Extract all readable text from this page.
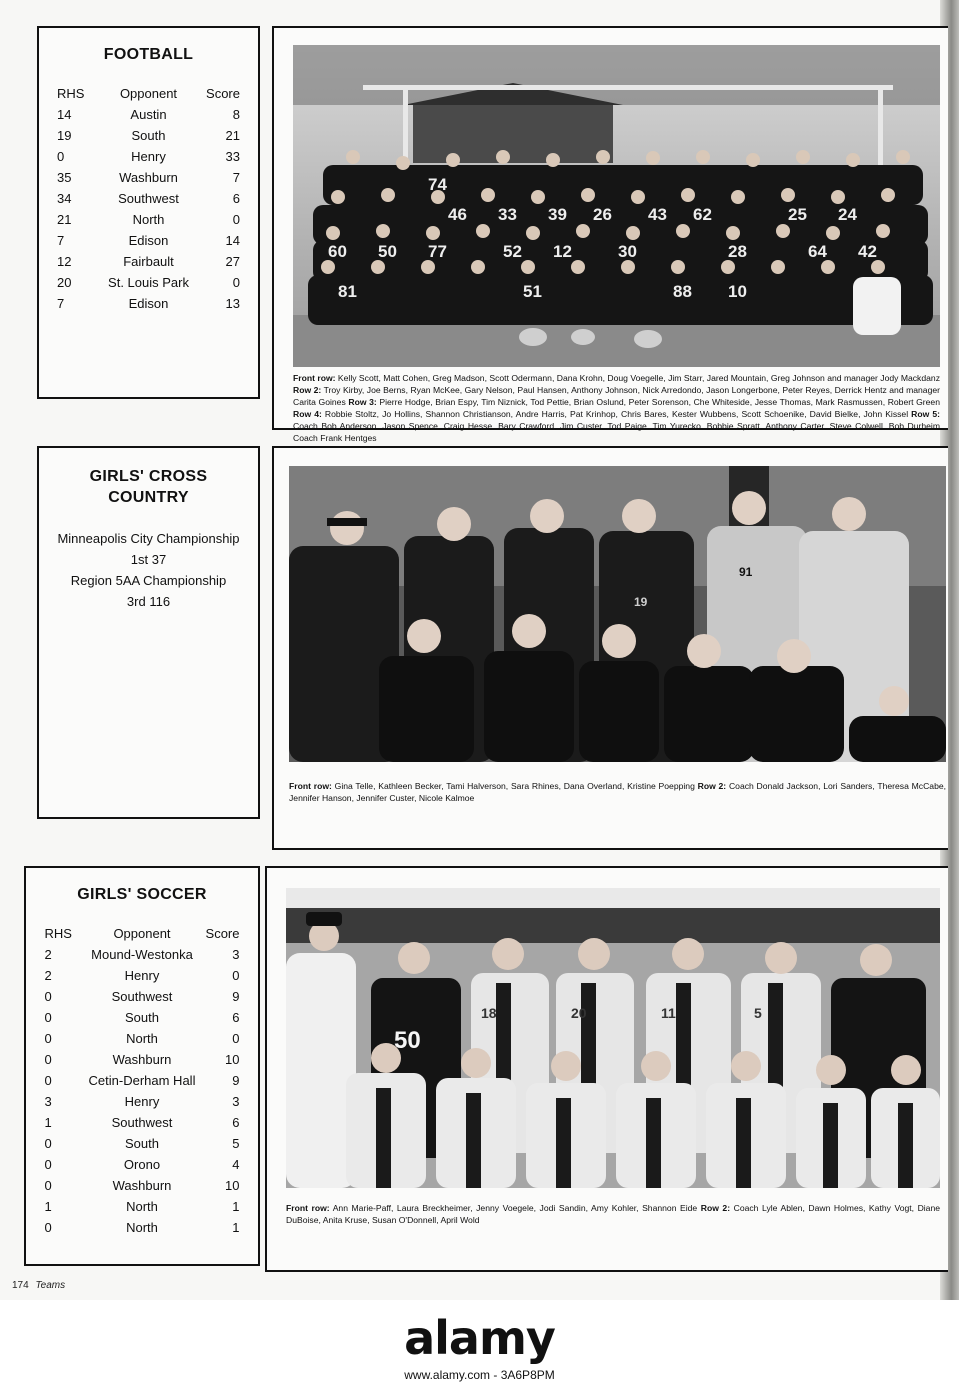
FOOTBALL
RHS	Opponent	Score
14	Austin	8
19	South	21
0	Henry	33
35	Washburn	7
34	Southwest	6
21	North	0
7	Edison	14
12	Fairbault	27
20	St. Louis Park	0
7	Edison	13
74
33 39 26 43 62	25 24
46
60 50 77	52 12	30	28	64 42
51	88 10
81
Front row: Kelly Scott, Matt Cohen, Greg Madson, Scott Odermann, Dana Krohn, Doug Voegelle, Jim Starr, Jared Mountain, Greg Johnson and manager Jody Mackdanz Row 2: Troy Kirby, Joe Berns, Ryan McKee, Gary Nelson, Paul Hansen, Anthony Johnson, Nick Arredondo, Jason Longerbone, Peter Reyes, Derrick Hentz and manager Carita Goines Row 3: Pierre Hodge, Brian Espy, Tim Niznick, Tod Pettie, Brian Oslund, Peter Sorenson, Che Whiteside, Jesse Thomas, Mark Rasmussen, Robert Green Row 4: Robbie Stoltz, Jo Hollins, Shannon Christianson, Andre Harris, Pat Krinhop, Chris Bares, Kester Wubbens, Scott Schoenike, David Bielke, John Kissel Row 5: Coach Bob Anderson, Jason Spence, Craig Hesse, Bary Crawford, Jim Custer, Tod Paige, Tim Yurecko, Bobbie Spratt, Anthony Carter, Steve Colwell, Bob Durheim Coach Frank Hentges
GIRLS' CROSS
COUNTRY
Minneapolis City Championship
1st 37
Region 5AA Championship
3rd 116
91
19
Front row: Gina Telle, Kathleen Becker, Tami Halverson, Sara Rhines, Dana Overland, Kristine Poepping Row 2: Coach Donald Jackson, Lori Sanders, Theresa McCabe, Jennifer Hanson, Jennifer Custer, Nicole Kalmoe
GIRLS' SOCCER
RHS	Opponent	Score
2	Mound-Westonka	3
2	Henry	0
0	Southwest	9
0	South	6
0	North	0
0	Washburn	10
0	Cetin-Derham Hall	9
3	Henry	3
1	Southwest	6
0	South	5
0	Orono	4
0	Washburn	10
1	North	1
0	North	1
50
18	20	11	5
Front row: Ann Marie-Paff, Laura Breckheimer, Jenny Voegele, Jodi Sandin, Amy Kohler, Shannon Eide Row 2: Coach Lyle Ablen, Dawn Holmes, Kathy Vogt, Diane DuBoise, Anita Kruse, Susan O'Donnell, April Wold
174 Teams
alamy
www.alamy.com - 3A6P8PM
